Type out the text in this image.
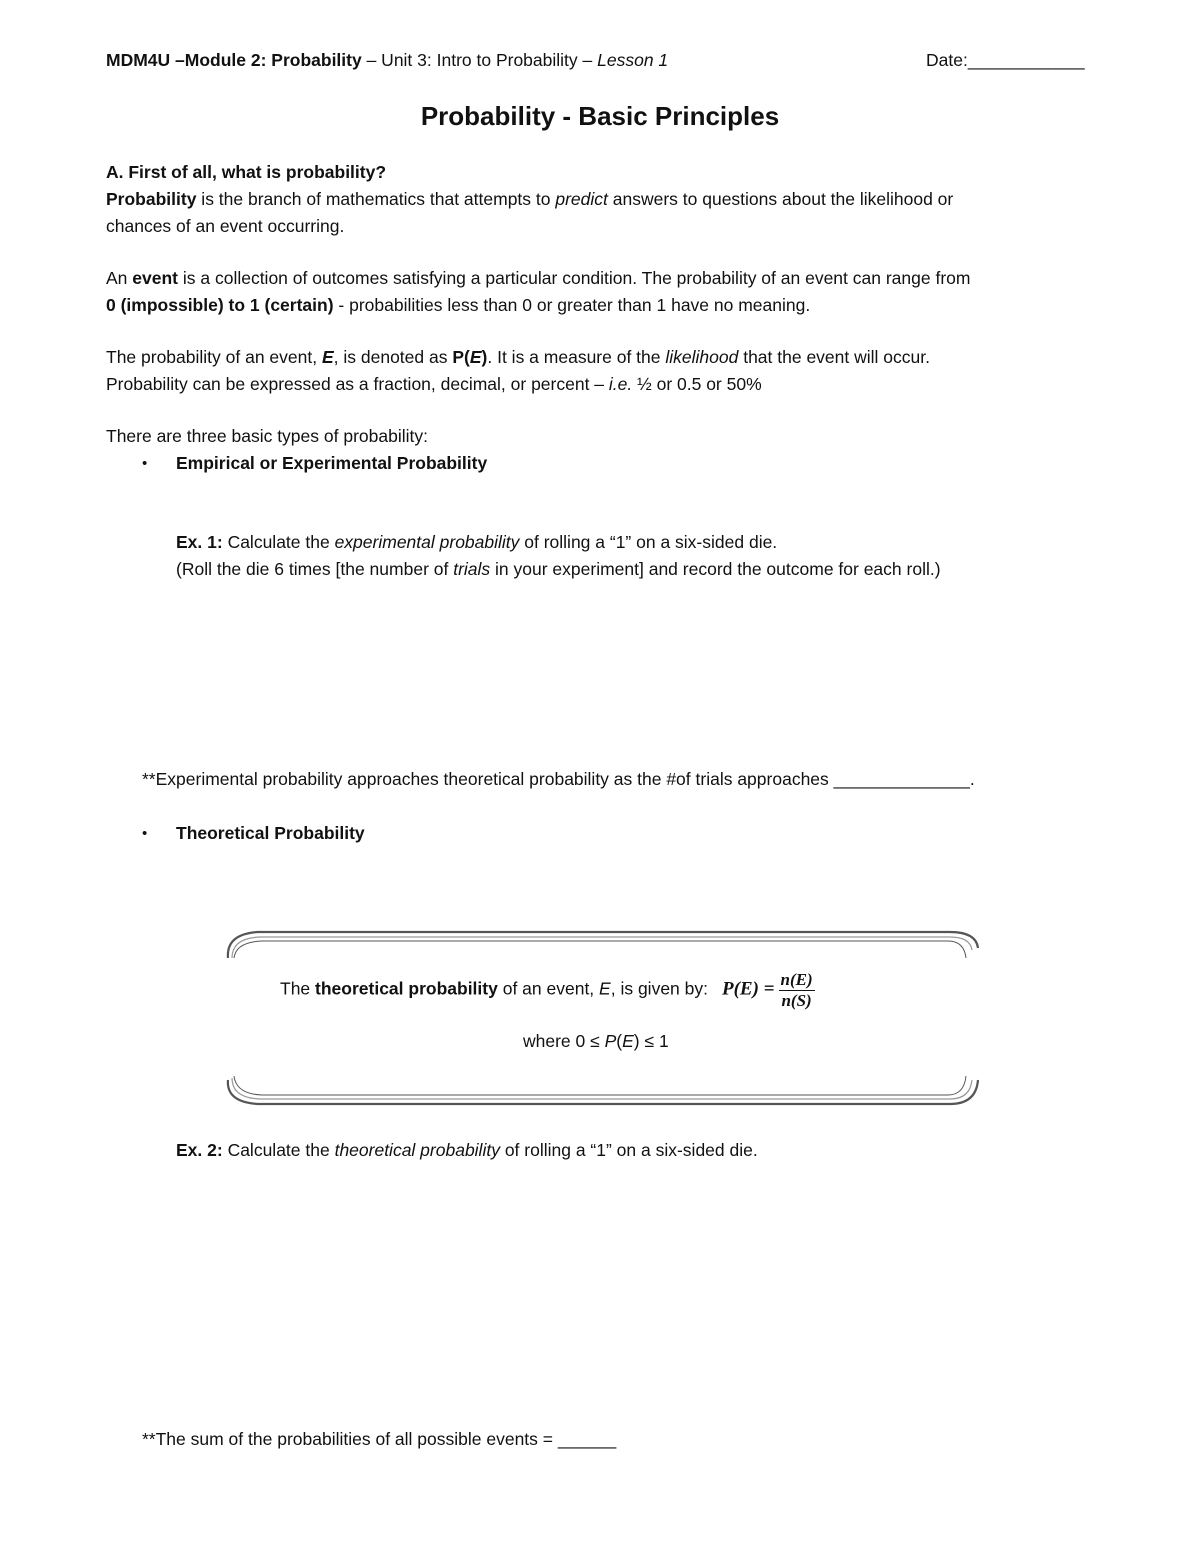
MDM4U –Module 2: Probability – Unit 3: Intro to Probability – Lesson 1	Date:____________
Probability - Basic Principles
A. First of all, what is probability?
Probability is the branch of mathematics that attempts to predict answers to questions about the likelihood or
chances of an event occurring.
An event is a collection of outcomes satisfying a particular condition. The probability of an event can range from
0 (impossible) to 1 (certain) - probabilities less than 0 or greater than 1 have no meaning.
The probability of an event, E, is denoted as P(E). It is a measure of the likelihood that the event will occur.
Probability can be expressed as a fraction, decimal, or percent – i.e. ½ or 0.5 or 50%
There are three basic types of probability:
• Empirical or Experimental Probability
Ex. 1: Calculate the experimental probability of rolling a “1” on a six-sided die.
(Roll the die 6 times [the number of trials in your experiment] and record the outcome for each roll.)
**Experimental probability approaches theoretical probability as the #of trials approaches ______________.
• Theoretical Probability
The theoretical probability of an event, E, is given by: $P(E) = \frac{n(E)}{n(S)}$
where 0 ≤ P(E) ≤ 1
Ex. 2: Calculate the theoretical probability of rolling a “1” on a six-sided die.
**The sum of the probabilities of all possible events = ______
